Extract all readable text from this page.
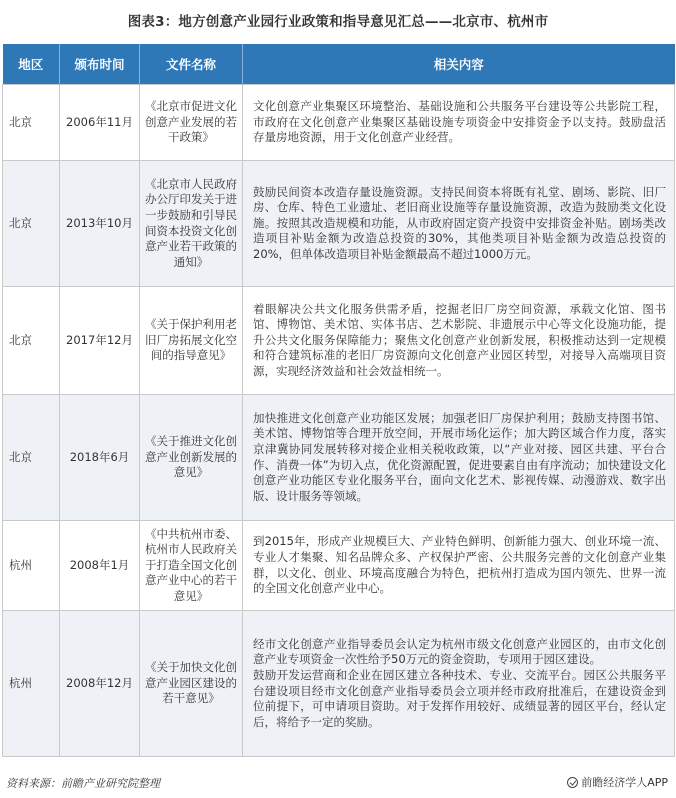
图表3：地方创意产业园行业政策和指导意见汇总——北京市、杭州市
地区	颁布时间	文件名称	相关内容
北京	2006年11月	《北京市促进文化创意产业发展的若干政策》	文化创意产业集聚区环境整治、基础设施和公共服务平台建设等公共影院工程，市政府在文化创意产业集聚区基础设施专项资金中安排资金予以支持。鼓励盘活存量房地资源，用于文化创意产业经营。
北京	2013年10月	《北京市人民政府办公厅印发关于进一步鼓励和引导民间资本投资文化创意产业若干政策的通知》	鼓励民间资本改造存量设施资源。支持民间资本将既有礼堂、剧场、影院、旧厂房、仓库、特色工业遗址、老旧商业设施等存量设施资源，改造为鼓励类文化设施。按照其改造规模和功能，从市政府固定资产投资中安排资金补贴。剧场类改造项目补贴金额为改造总投资的30%，其他类项目补贴金额为改造总投资的20%，但单体改造项目补贴金额最高不超过1000万元。
北京	2017年12月	《关于保护利用老旧厂房拓展文化空间的指导意见》	着眼解决公共文化服务供需矛盾，挖掘老旧厂房空间资源，承载文化馆、图书馆、博物馆、美术馆、实体书店、艺术影院、非遗展示中心等文化设施功能，提升公共文化服务保障能力；聚焦文化创意产业创新发展，积极推动达到一定规模和符合建筑标准的老旧厂房资源向文化创意产业园区转型，对接导入高端项目资源，实现经济效益和社会效益相统一。
北京	2018年6月	《关于推进文化创意产业创新发展的意见》	加快推进文化创意产业功能区发展；加强老旧厂房保护利用；鼓励支持图书馆、美术馆、博物馆等合理开放空间，开展市场化运作；加大跨区域合作力度，落实京津冀协同发展转移对接企业相关税收政策，以“产业对接、园区共建、平台合作、消费一体”为切入点，优化资源配置，促进要素自由有序流动；加快建设文化创意产业功能区专业化服务平台，面向文化艺术、影视传媒、动漫游戏、数字出版、设计服务等领域。
杭州	2008年1月	《中共杭州市委、杭州市人民政府关于打造全国文化创意产业中心的若干意见》	到2015年，形成产业规模巨大、产业特色鲜明、创新能力强大、创业环境一流、专业人才集聚、知名品牌众多、产权保护严密、公共服务完善的文化创意产业集群，以文化、创业、环境高度融合为特色，把杭州打造成为国内领先、世界一流的全国文化创意产业中心。
杭州	2008年12月	《关于加快文化创意产业园区建设的若干意见》	经市文化创意产业指导委员会认定为杭州市级文化创意产业园区的，由市文化创意产业专项资金一次性给予50万元的资金资助，专项用于园区建设。
鼓励开发运营商和企业在园区建立各种技术、专业、交流平台。园区公共服务平台建设项目经市文化创意产业指导委员会立项并经市政府批准后，在建设资金到位前提下，可申请项目资助。对于发挥作用较好、成绩显著的园区平台，经认定后，将给予一定的奖励。
资料来源：前瞻产业研究院整理	前瞻经济学人APP
